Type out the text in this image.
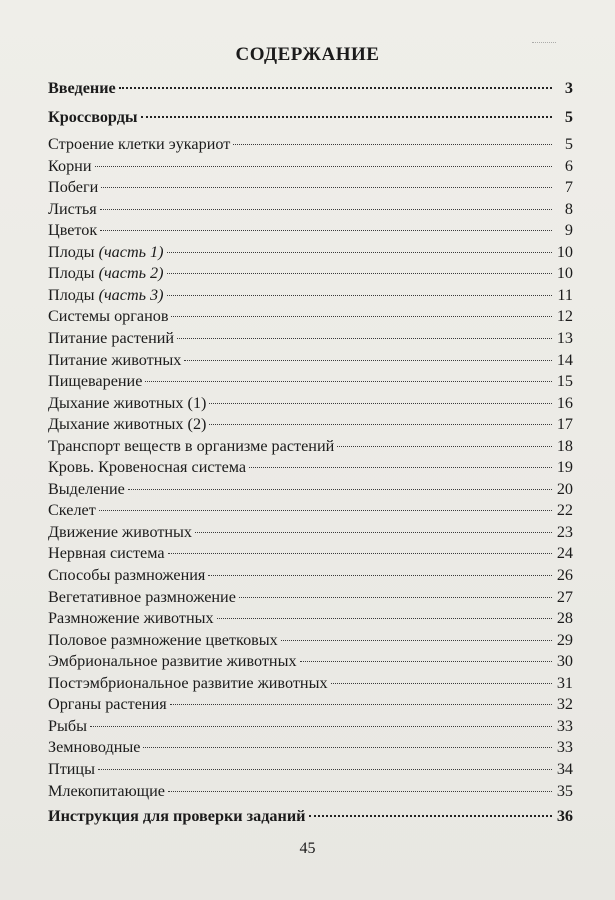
СОДЕРЖАНИЕ
Введение	3
Кроссворды	5
Строение клетки эукариот	5
Корни	6
Побеги	7
Листья	8
Цветок	9
Плоды (часть 1)	10
Плоды (часть 2)	10
Плоды (часть 3)	11
Системы органов	12
Питание растений	13
Питание животных	14
Пищеварение	15
Дыхание животных (1)	16
Дыхание животных (2)	17
Транспорт веществ в организме растений	18
Кровь. Кровеносная система	19
Выделение	20
Скелет	22
Движение животных	23
Нервная система	24
Способы размножения	26
Вегетативное размножение	27
Размножение животных	28
Половое размножение цветковых	29
Эмбриональное развитие животных	30
Постэмбриональное развитие животных	31
Органы растения	32
Рыбы	33
Земноводные	33
Птицы	34
Млекопитающие	35
Инструкция для проверки заданий	36
45
